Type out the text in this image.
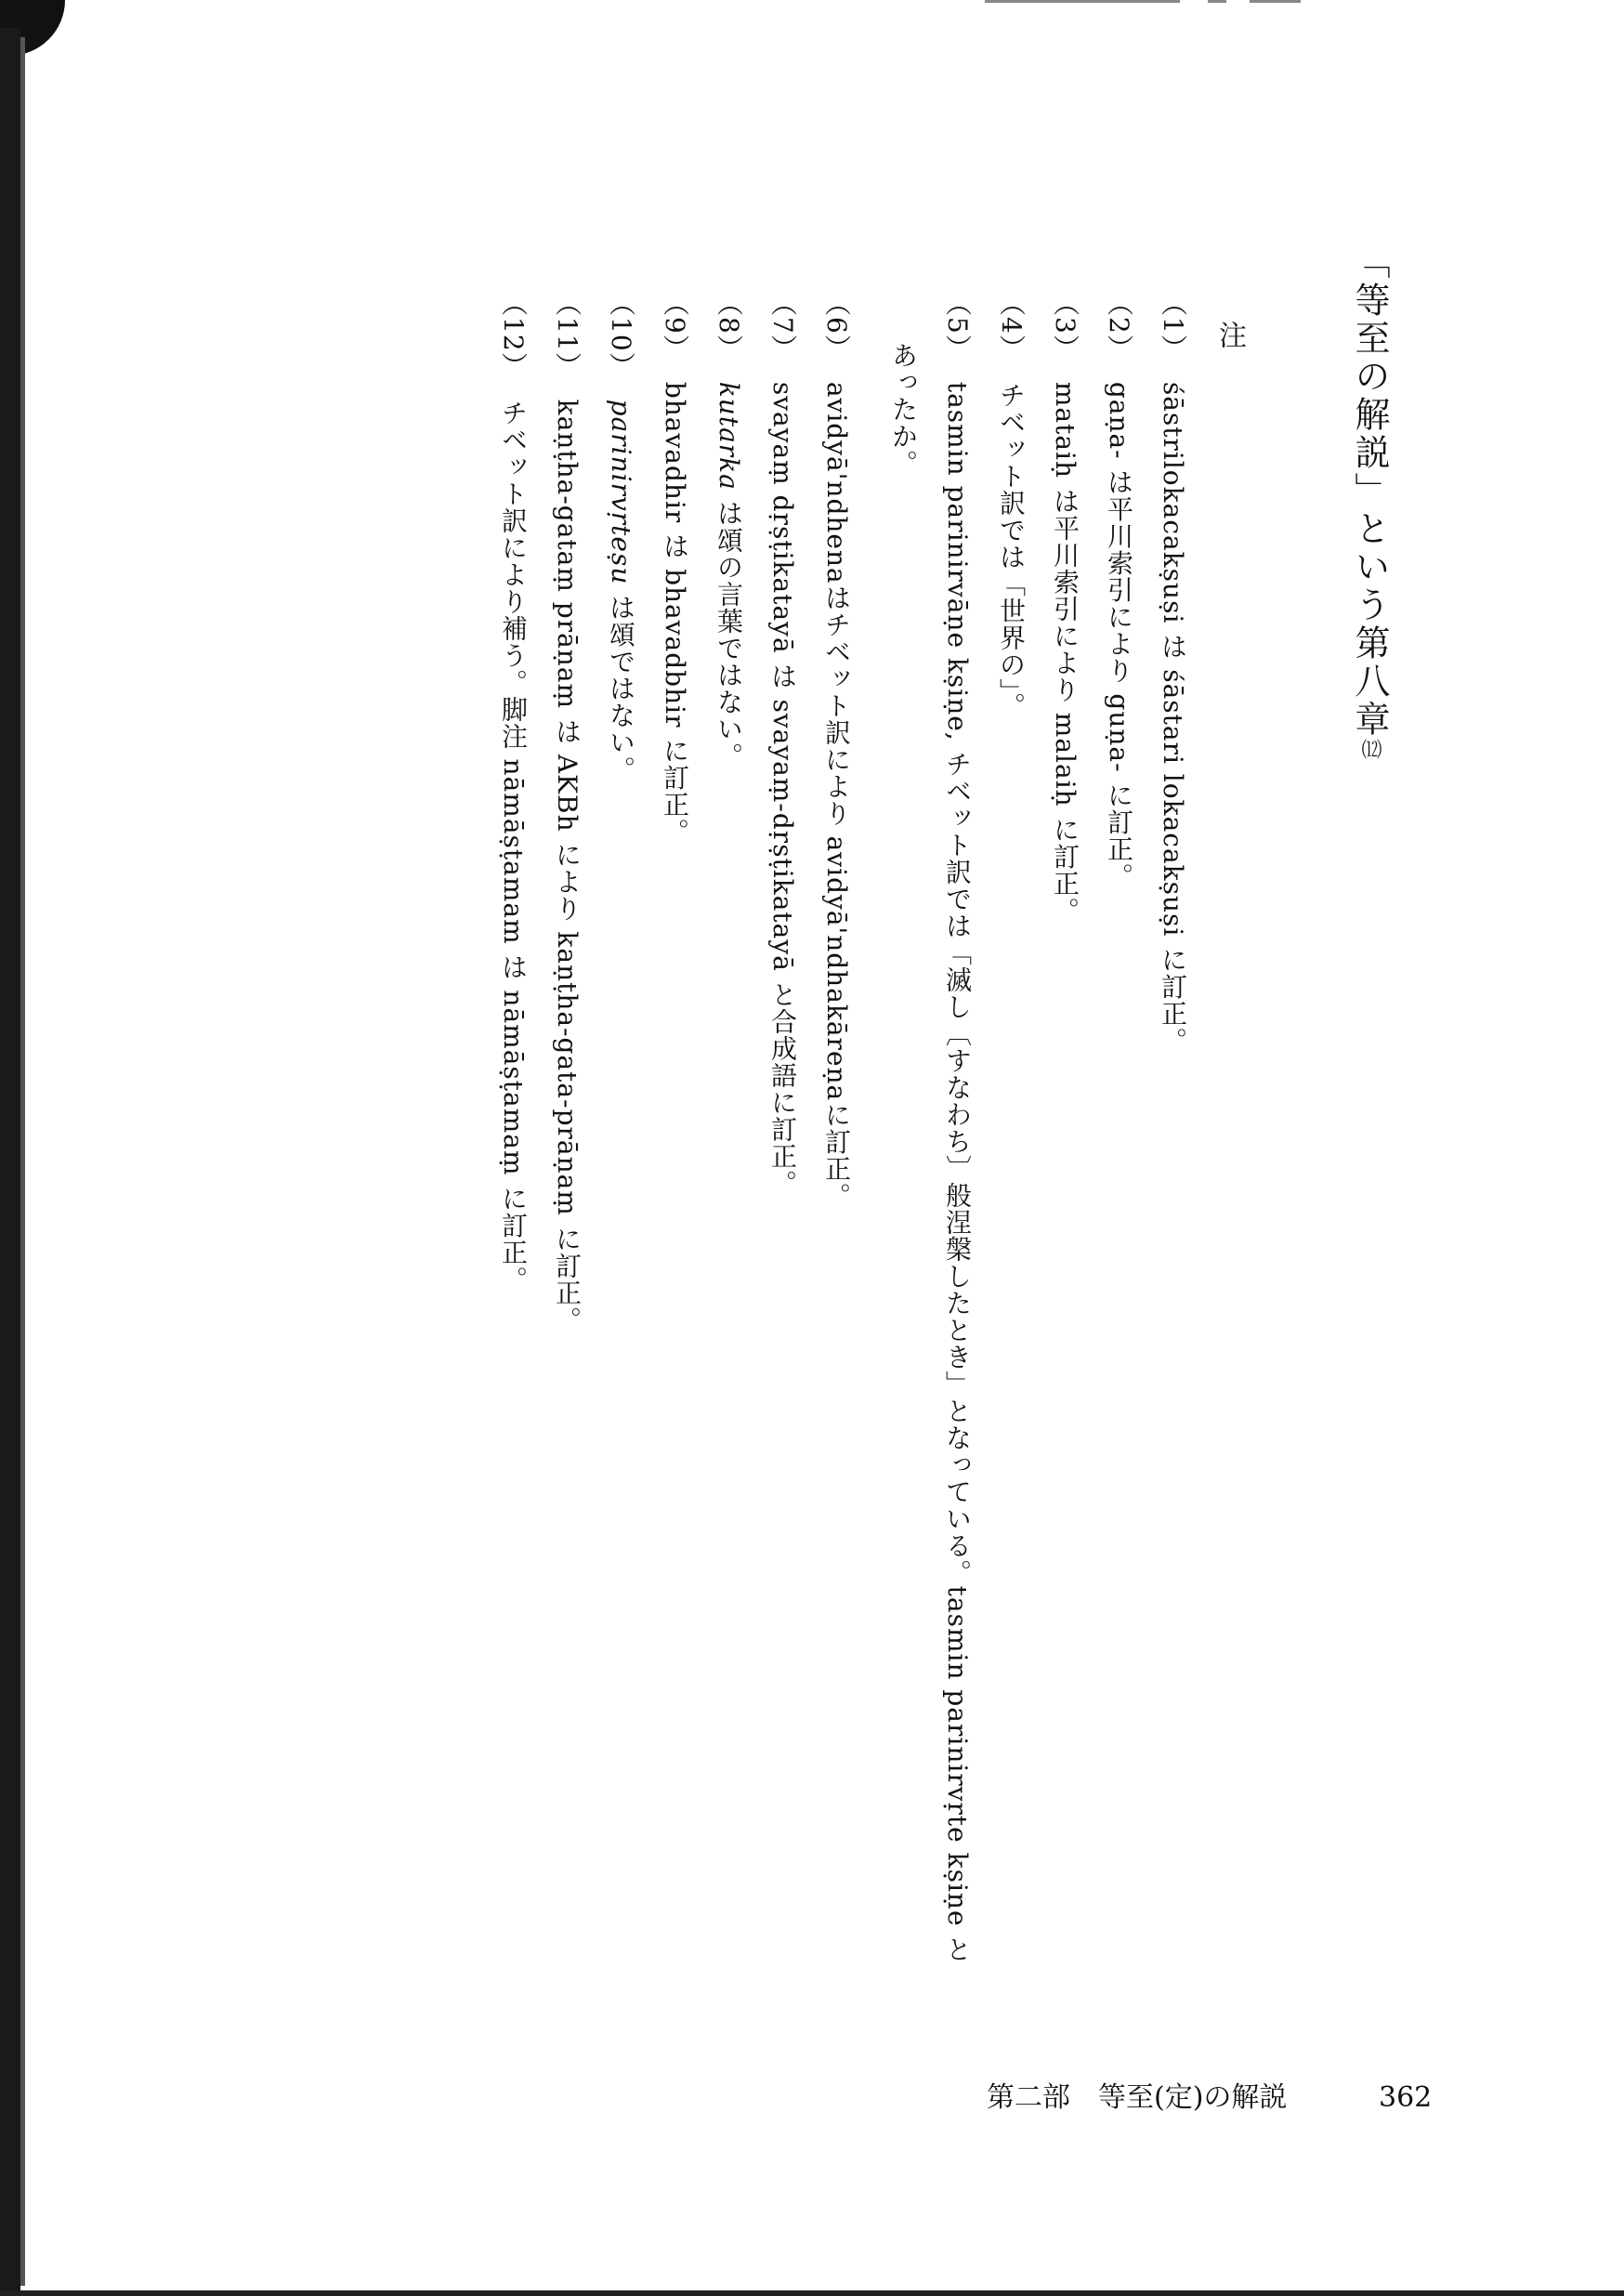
「等至の解説」という第八章⑿
注
（1）śāstrilokacakṣuṣi は śāstari lokacakṣuṣi に訂正。
（2）gaṇa- は平川索引により guṇa- に訂正。
（3）mataiḥ は平川索引により malaiḥ に訂正。
（4）チベット訳では「世界の」。
（5）tasmin parinirvāṇe kṣiṇe, チベット訳では「滅し〔すなわち〕般涅槃したとき」となっている。tasmin parinirvṛte kṣiṇe と
あったか。
（6）avidyā'ndhenaはチベット訳により avidyā'ndhakāreṇaに訂正。
（7）svayaṃ dṛṣṭikatayā は svayaṃ-dṛṣṭikatayā と合成語に訂正。
（8）kutarka は頌の言葉ではない。
（9）bhavadhir は bhavadbhir に訂正。
（10）parinirvṛteṣu は頌ではない。
（11）kaṇṭha-gataṃ prāṇaṃ は AKBh により kaṇṭha-gata-prāṇaṃ に訂正。
（12）チベット訳により補う。脚注 nāmāṣṭamam は nāmāṣṭamaṃ に訂正。
第二部　等至(定)の解説	362
